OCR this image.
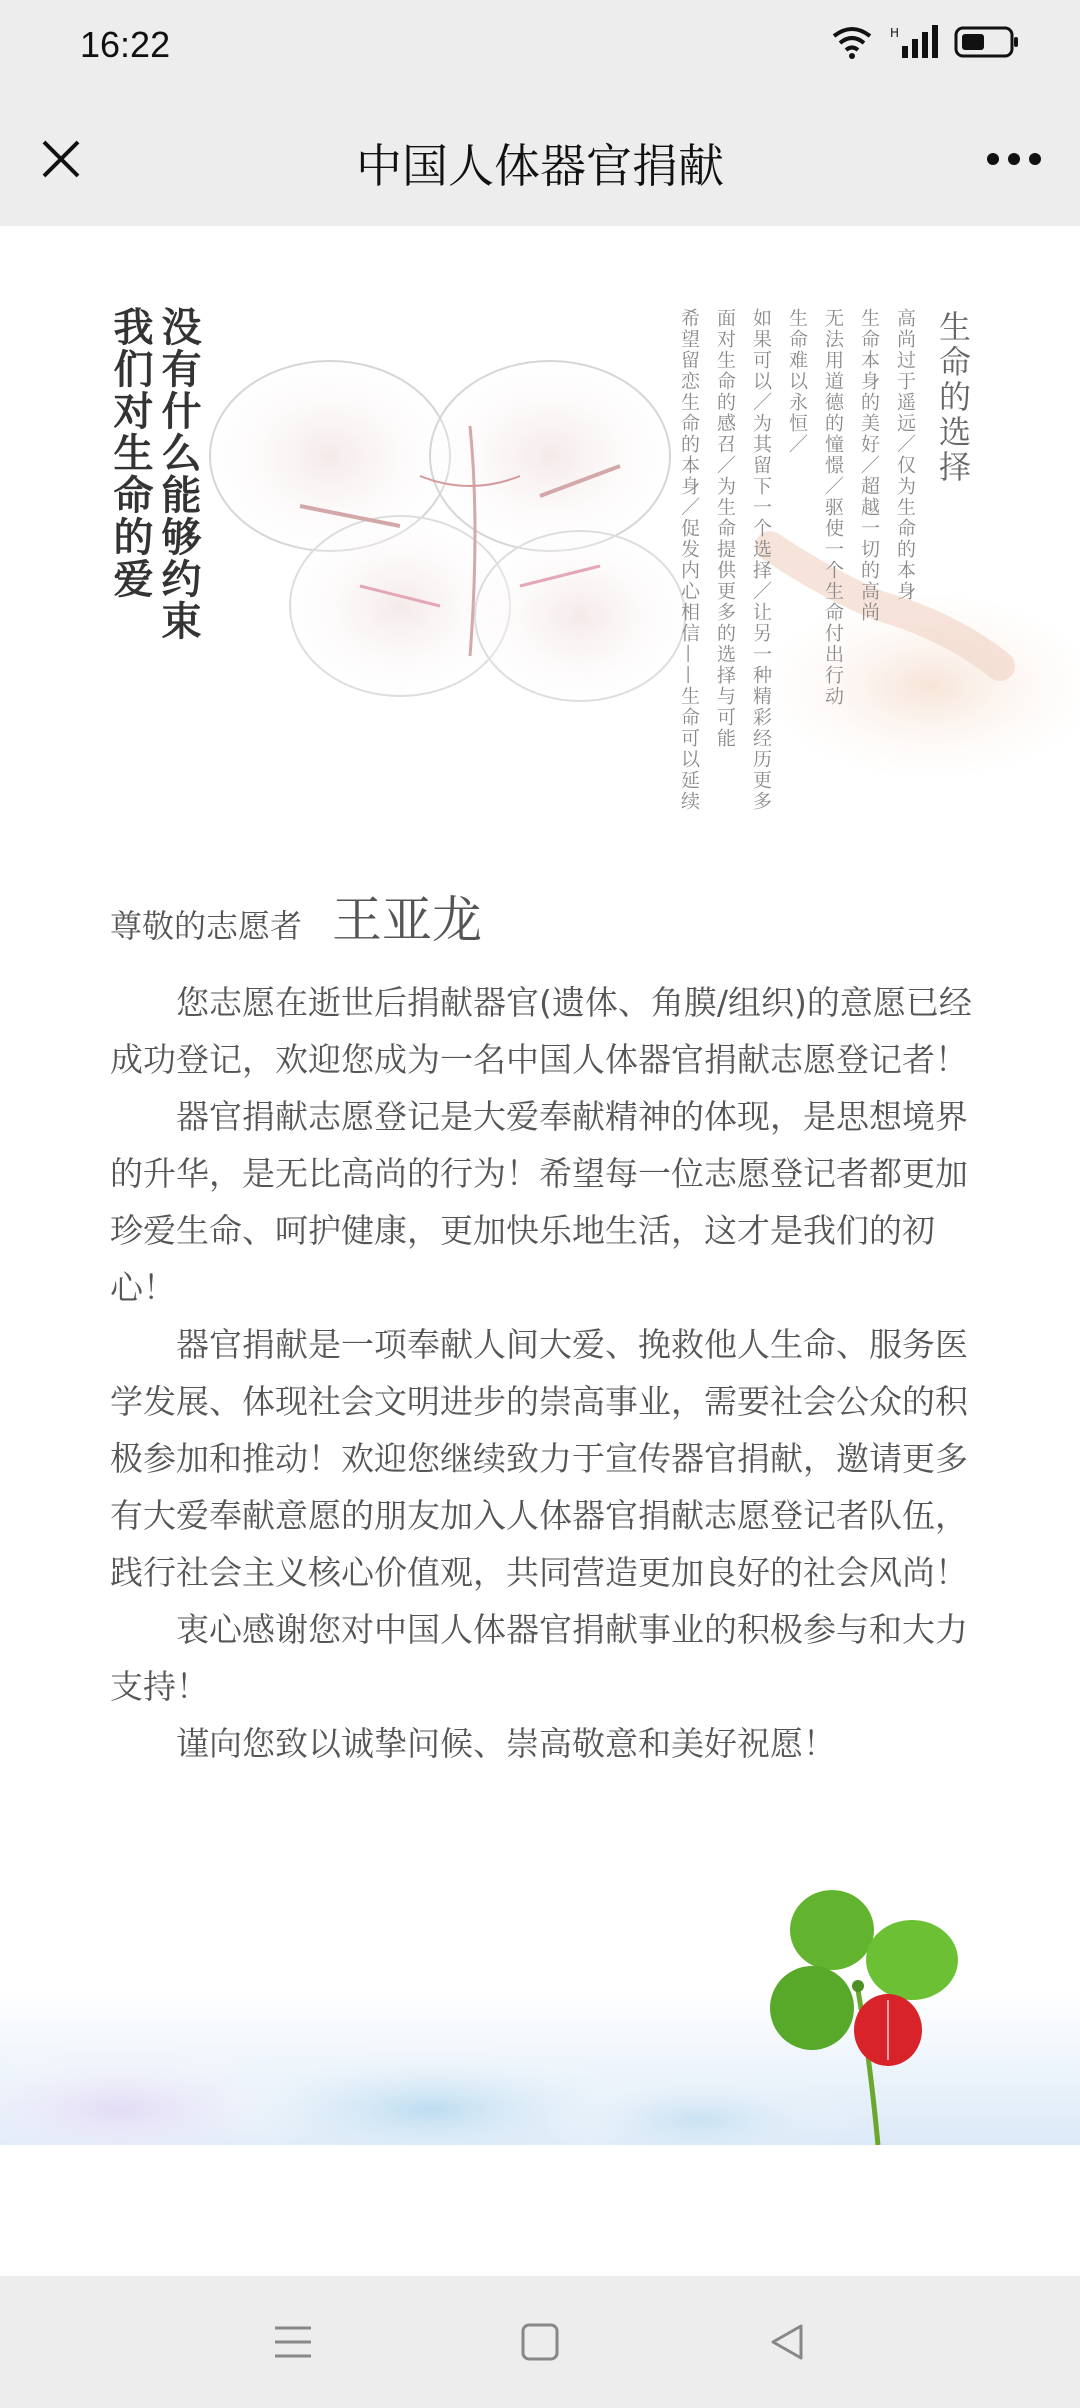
16:22	H
中国人体器官捐献
没有什么能够约束
我们对生命的爱	生命的选择
高尚过于遥远／仅为生命的本身
生命本身的美好／超越一切的高尚
无法用道德的憧憬／驱使一个生命付出行动
生命难以永恒／
如果可以／为其留下一个选择／让另一种精彩经历更多
面对生命的感召／为生命提供更多的选择与可能
希望留恋生命的本身／促发内心相信——生命可以延续
尊敬的志愿者 王亚龙

您志愿在逝世后捐献器官(遗体、角膜/组织)的意愿已经成功登记，欢迎您成为一名中国人体器官捐献志愿登记者！

器官捐献志愿登记是大爱奉献精神的体现，是思想境界的升华，是无比高尚的行为！希望每一位志愿登记者都更加珍爱生命、呵护健康，更加快乐地生活，这才是我们的初心！

器官捐献是一项奉献人间大爱、挽救他人生命、服务医学发展、体现社会文明进步的崇高事业，需要社会公众的积极参加和推动！欢迎您继续致力于宣传器官捐献，邀请更多有大爱奉献意愿的朋友加入人体器官捐献志愿登记者队伍，践行社会主义核心价值观，共同营造更加良好的社会风尚！

衷心感谢您对中国人体器官捐献事业的积极参与和大力支持！

谨向您致以诚挚问候、崇高敬意和美好祝愿！
